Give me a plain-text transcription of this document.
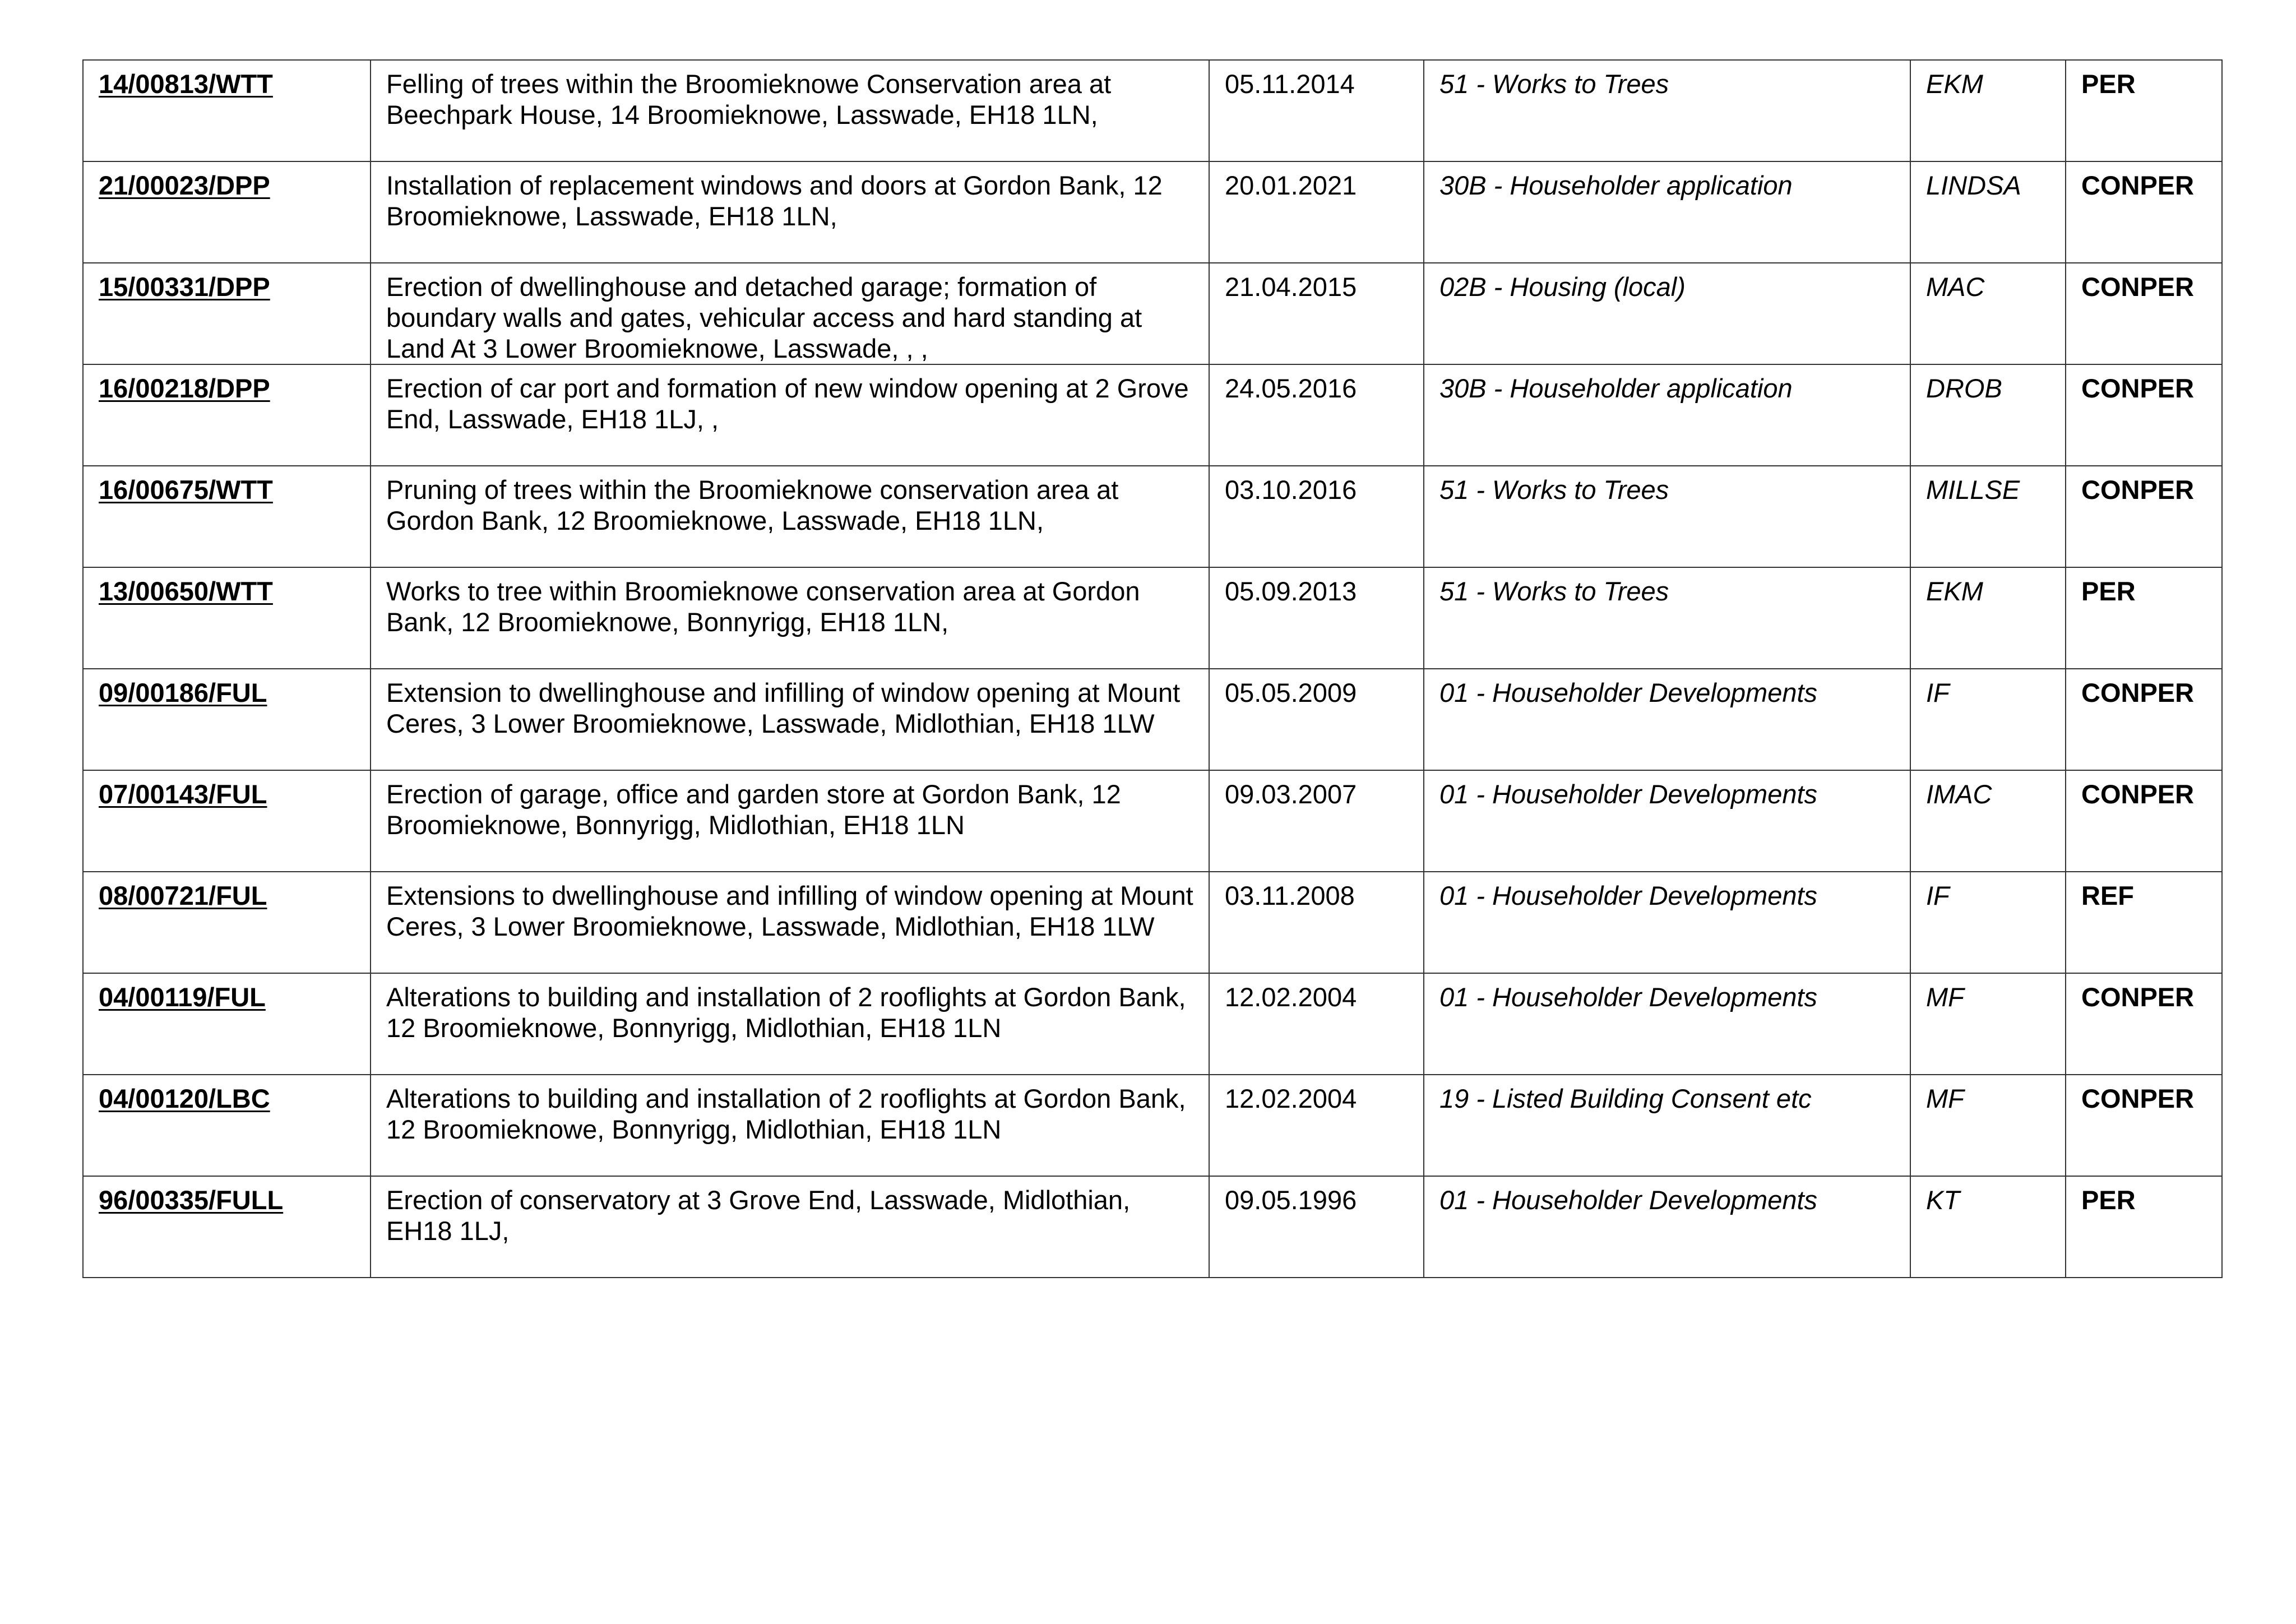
14/00813/WTT	Felling of trees within the Broomieknowe Conservation area at Beechpark House, 14 Broomieknowe, Lasswade, EH18 1LN,	05.11.2014	51 - Works to Trees	EKM	PER
21/00023/DPP	Installation of replacement windows and doors at Gordon Bank, 12 Broomieknowe, Lasswade, EH18 1LN,	20.01.2021	30B - Householder application	LINDSA	CONPER
15/00331/DPP	Erection of dwellinghouse and detached garage; formation of boundary walls and gates, vehicular access and hard standing at Land At 3 Lower Broomieknowe, Lasswade, , ,	21.04.2015	02B - Housing (local)	MAC	CONPER
16/00218/DPP	Erection of car port and formation of new window opening at 2 Grove End, Lasswade, EH18 1LJ, ,	24.05.2016	30B - Householder application	DROB	CONPER
16/00675/WTT	Pruning of trees within the Broomieknowe conservation area at Gordon Bank, 12 Broomieknowe, Lasswade, EH18 1LN,	03.10.2016	51 - Works to Trees	MILLSE	CONPER
13/00650/WTT	Works to tree within Broomieknowe conservation area at Gordon Bank, 12 Broomieknowe, Bonnyrigg, EH18 1LN,	05.09.2013	51 - Works to Trees	EKM	PER
09/00186/FUL	Extension to dwellinghouse and infilling of window opening at Mount Ceres, 3 Lower Broomieknowe, Lasswade, Midlothian, EH18 1LW	05.05.2009	01 - Householder Developments	IF	CONPER
07/00143/FUL	Erection of garage, office and garden store at Gordon Bank, 12 Broomieknowe, Bonnyrigg, Midlothian, EH18 1LN	09.03.2007	01 - Householder Developments	IMAC	CONPER
08/00721/FUL	Extensions to dwellinghouse and infilling of window opening at Mount Ceres, 3 Lower Broomieknowe, Lasswade, Midlothian, EH18 1LW	03.11.2008	01 - Householder Developments	IF	REF
04/00119/FUL	Alterations to building and installation of 2 rooflights at Gordon Bank, 12 Broomieknowe, Bonnyrigg, Midlothian, EH18 1LN	12.02.2004	01 - Householder Developments	MF	CONPER
04/00120/LBC	Alterations to building and installation of 2 rooflights at Gordon Bank, 12 Broomieknowe, Bonnyrigg, Midlothian, EH18 1LN	12.02.2004	19 - Listed Building Consent etc	MF	CONPER
96/00335/FULL	Erection of conservatory at 3 Grove End, Lasswade, Midlothian, EH18 1LJ,	09.05.1996	01 - Householder Developments	KT	PER
